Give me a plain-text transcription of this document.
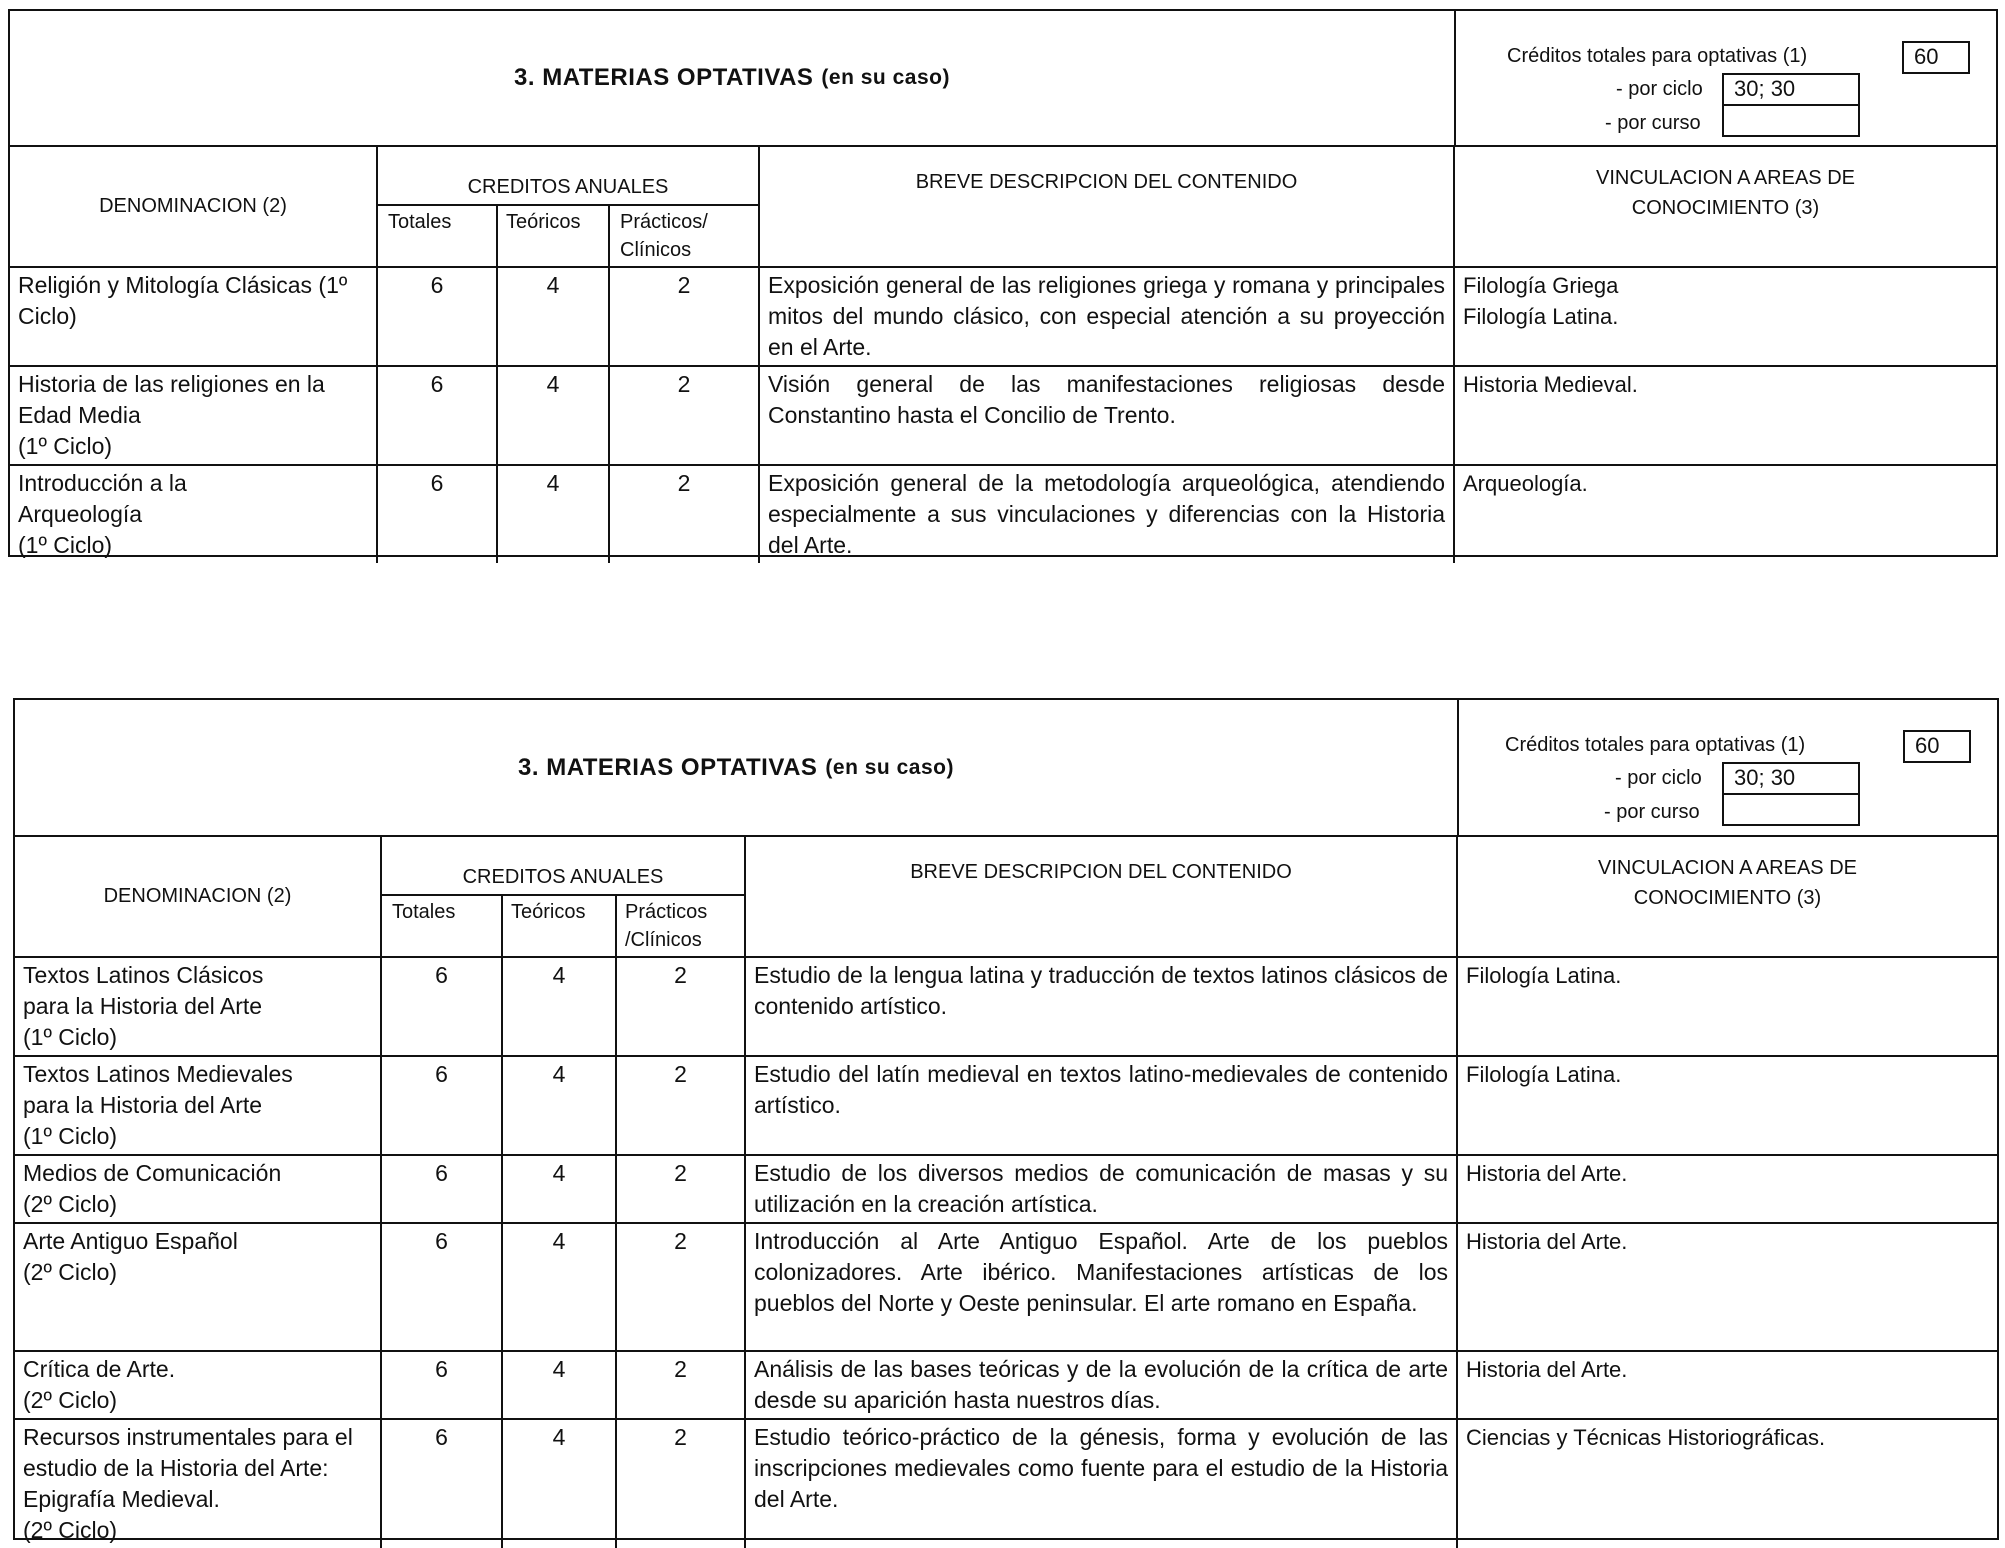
3. MATERIAS OPTATIVAS (en su caso)
Créditos totales para optativas (1)	60
- por ciclo	30; 30
- por curso
DENOMINACION (2)	CREDITOS ANUALES			BREVE DESCRIPCION DEL CONTENIDO	VINCULACION A AREAS DE CONOCIMIENTO (3)
	Totales	Teóricos	Prácticos/ Clínicos		
Religión y Mitología Clásicas (1º Ciclo)	6	4	2	Exposición general de las religiones griega y romana y principales mitos del mundo clásico, con especial atención a su proyección en el Arte.	Filología Griega
Filología Latina.
Historia de las religiones en la Edad Media
(1º Ciclo)	6	4	2	Visión general de las manifestaciones religiosas desde Constantino hasta el Concilio de Trento.	Historia Medieval.
Introducción a la
Arqueología
(1º Ciclo)	6	4	2	Exposición general de la metodología arqueológica, atendiendo especialmente a sus vinculaciones y diferencias con la Historia del Arte.	Arqueología.
3. MATERIAS OPTATIVAS (en su caso)
Créditos totales para optativas (1)	60
- por ciclo	30; 30
- por curso
DENOMINACION (2)	CREDITOS ANUALES			BREVE DESCRIPCION DEL CONTENIDO	VINCULACION A AREAS DE CONOCIMIENTO (3)
	Totales	Teóricos	Prácticos /Clínicos		
Textos Latinos Clásicos
para la Historia del Arte
(1º Ciclo)	6	4	2	Estudio de la lengua latina y traducción de textos latinos clásicos de contenido artístico.	Filología Latina.
Textos Latinos Medievales
para la Historia del Arte
(1º Ciclo)	6	4	2	Estudio del latín medieval en textos latino-medievales de contenido artístico.	Filología Latina.
Medios de Comunicación
(2º Ciclo)	6	4	2	Estudio de los diversos medios de comunicación de masas y su utilización en la creación artística.	Historia del Arte.
Arte Antiguo Español
(2º Ciclo)	6	4	2	Introducción al Arte Antiguo Español. Arte de los pueblos colonizadores. Arte ibérico. Manifestaciones artísticas de los pueblos del Norte y Oeste peninsular. El arte romano en España.	Historia del Arte.
Crítica de Arte.
(2º Ciclo)	6	4	2	Análisis de las bases teóricas y de la evolución de la crítica de arte desde su aparición hasta nuestros días.	Historia del Arte.
Recursos instrumentales para el estudio de la Historia del Arte: Epigrafía Medieval.
(2º Ciclo)	6	4	2	Estudio teórico-práctico de la génesis, forma y evolución de las inscripciones medievales como fuente para el estudio de la Historia del Arte.	Ciencias y Técnicas Historiográficas.
